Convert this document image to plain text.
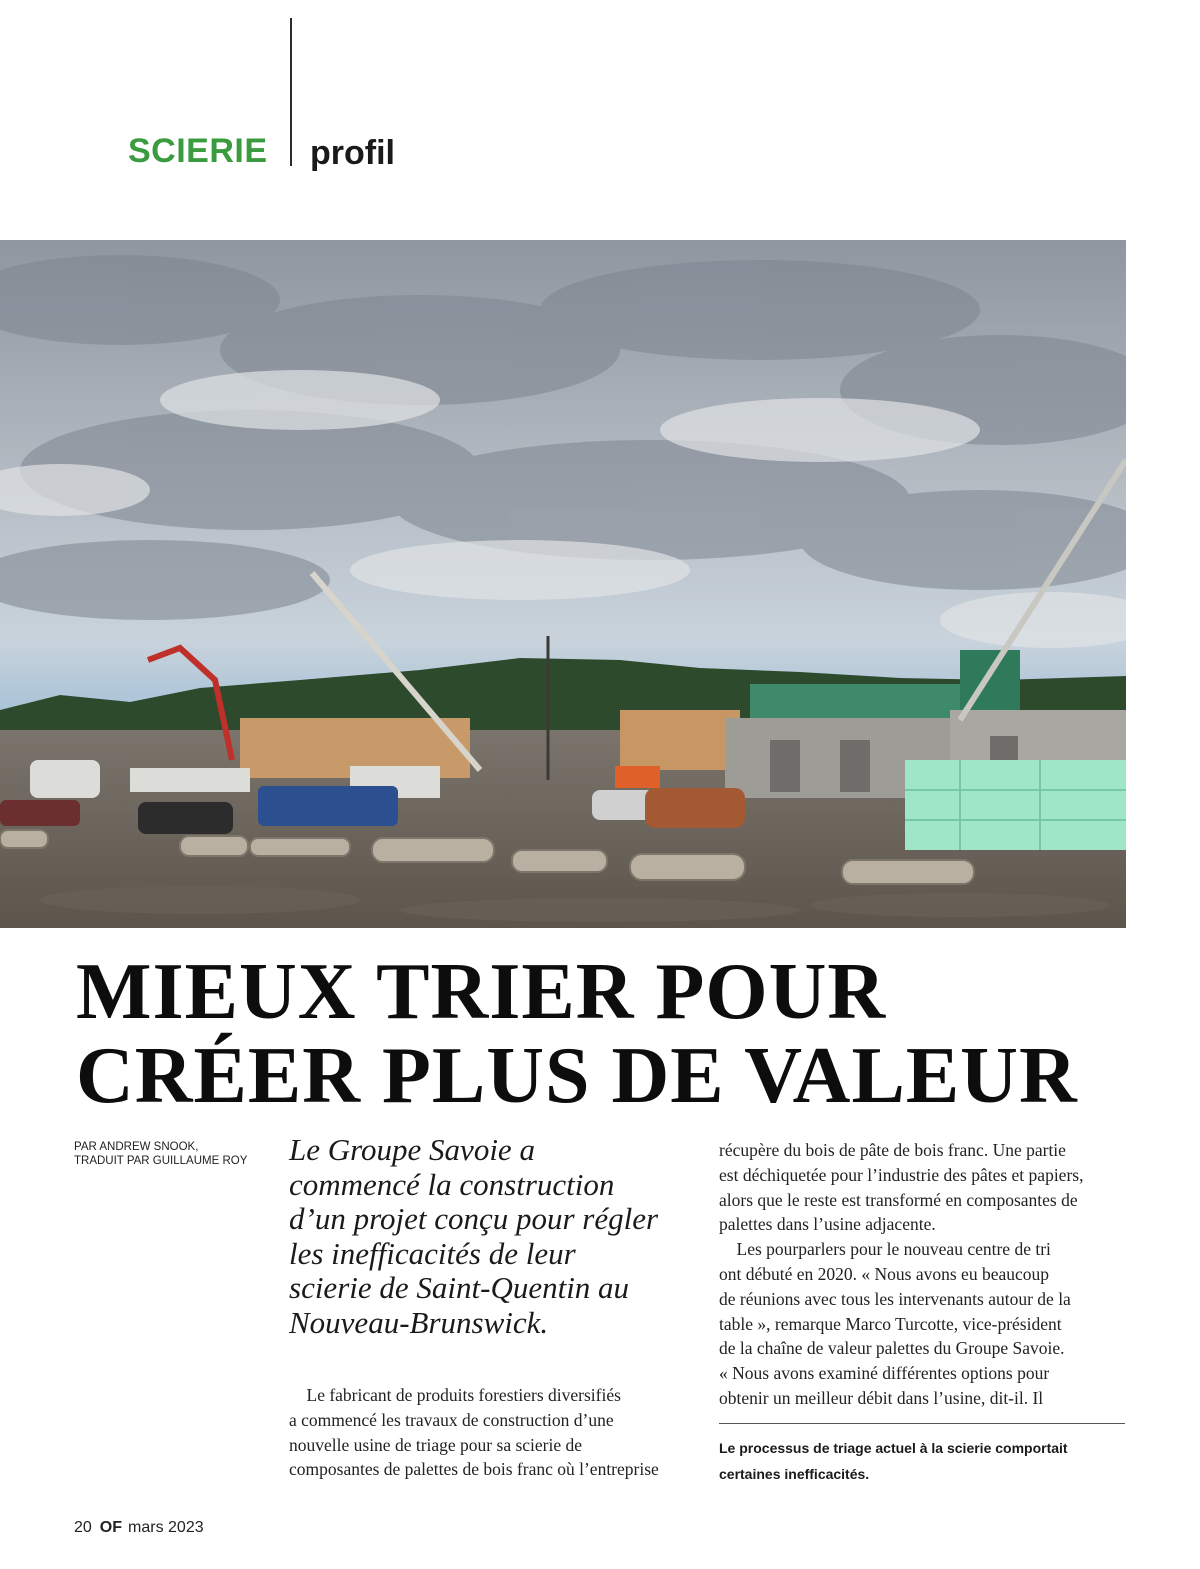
SCIERIE profil
MIEUX TRIER POUR
CRÉER PLUS DE VALEUR
PAR ANDREW SNOOK,
TRADUIT PAR GUILLAUME ROY	Le Groupe Savoie a
commencé la construction
d’un projet conçu pour régler
les inefficacités de leur
scierie de Saint-Quentin au
Nouveau-Brunswick.
Le fabricant de produits forestiers diversifiés
a commencé les travaux de construction d’une
nouvelle usine de triage pour sa scierie de
composantes de palettes de bois franc où l’entreprise
récupère du bois de pâte de bois franc. Une partie
est déchiquetée pour l’industrie des pâtes et papiers,
alors que le reste est transformé en composantes de
palettes dans l’usine adjacente.
Les pourparlers pour le nouveau centre de tri
ont débuté en 2020. « Nous avons eu beaucoup
de réunions avec tous les intervenants autour de la
table », remarque Marco Turcotte, vice-président
de la chaîne de valeur palettes du Groupe Savoie.
« Nous avons examiné différentes options pour
obtenir un meilleur débit dans l’usine, dit-il. Il
Le processus de triage actuel à la scierie comportait
certaines inefficacités.
20 OF mars 2023
